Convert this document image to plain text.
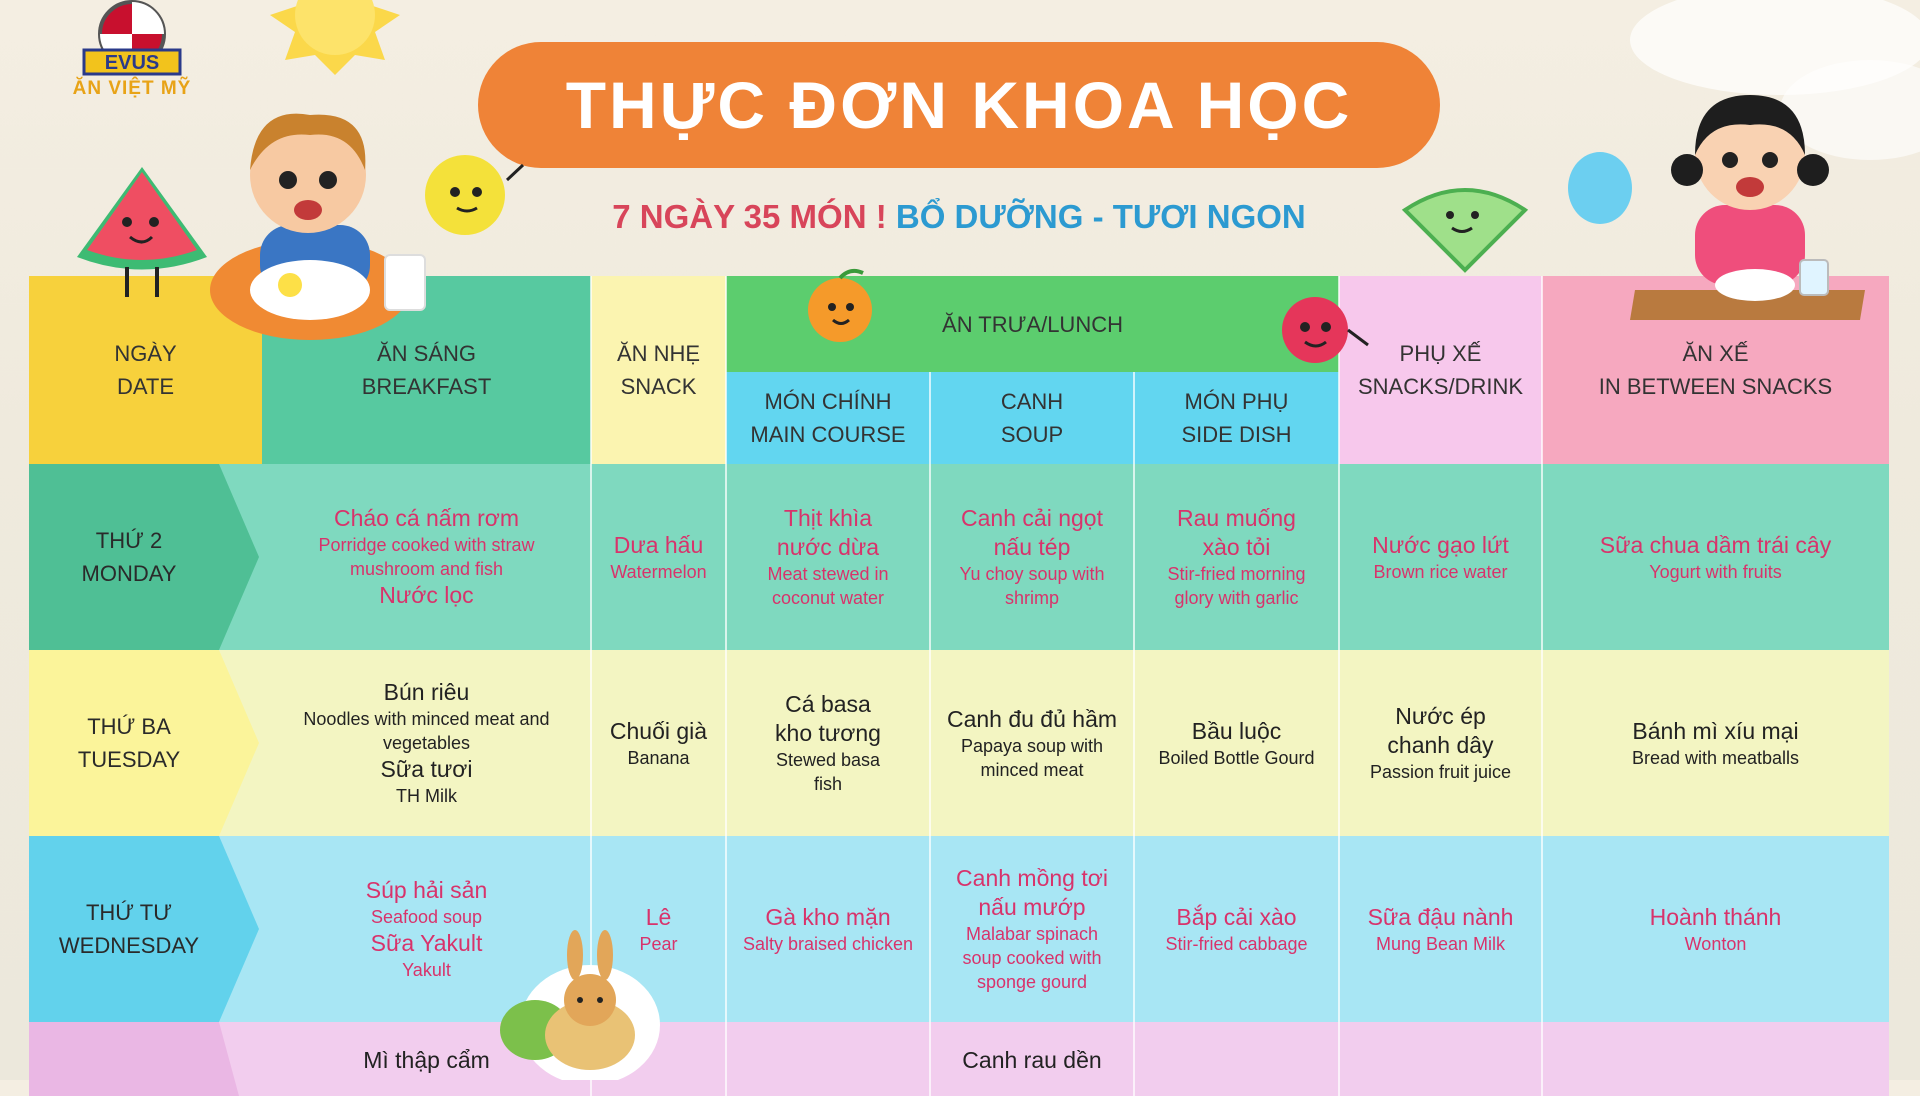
EVUS
ĂN VIỆT MỸ	THỰC ĐƠN KHOA HỌC
7 NGÀY 35 MÓN ! BỔ DƯỠNG - TƯƠI NGON
NGÀY
DATE
ĂN SÁNG
BREAKFAST
ĂN NHẸ
SNACK
ĂN TRƯA/LUNCH
MÓN CHÍNH
MAIN COURSE
CANH
SOUP
MÓN PHỤ
SIDE DISH
PHỤ XẾ
SNACKS/DRINK
ĂN XẾ
IN BETWEEN SNACKS
THỨ 2
MONDAY
Cháo cá nấm rơm
Porridge cooked with straw mushroom and fish
Nước lọc
Dưa hấu
Watermelon
Thịt khìa nước dừa
Meat stewed in coconut water
Canh cải ngọt nấu tép
Yu choy soup with shrimp
Rau muống xào tỏi
Stir-fried morning glory with garlic
Nước gạo lứt
Brown rice water
Sữa chua dầm trái cây
Yogurt with fruits
THỨ BA
TUESDAY
Bún riêu
Noodles with minced meat and vegetables
Sữa tươi
TH Milk
Chuối già
Banana
Cá basa kho tương
Stewed basa fish
Canh đu đủ hầm
Papaya soup with minced meat
Bầu luộc
Boiled Bottle Gourd
Nước ép chanh dây
Passion fruit juice
Bánh mì xíu mại
Bread with meatballs
THỨ TƯ
WEDNESDAY
Súp hải sản
Seafood soup
Sữa Yakult
Yakult
Lê
Pear
Gà kho mặn
Salty braised chicken
Canh mồng tơi nấu mướp
Malabar spinach soup cooked with sponge gourd
Bắp cải xào
Stir-fried cabbage
Sữa đậu nành
Mung Bean Milk
Hoành thánh
Wonton
Mì thập cẩm	Canh rau dền
